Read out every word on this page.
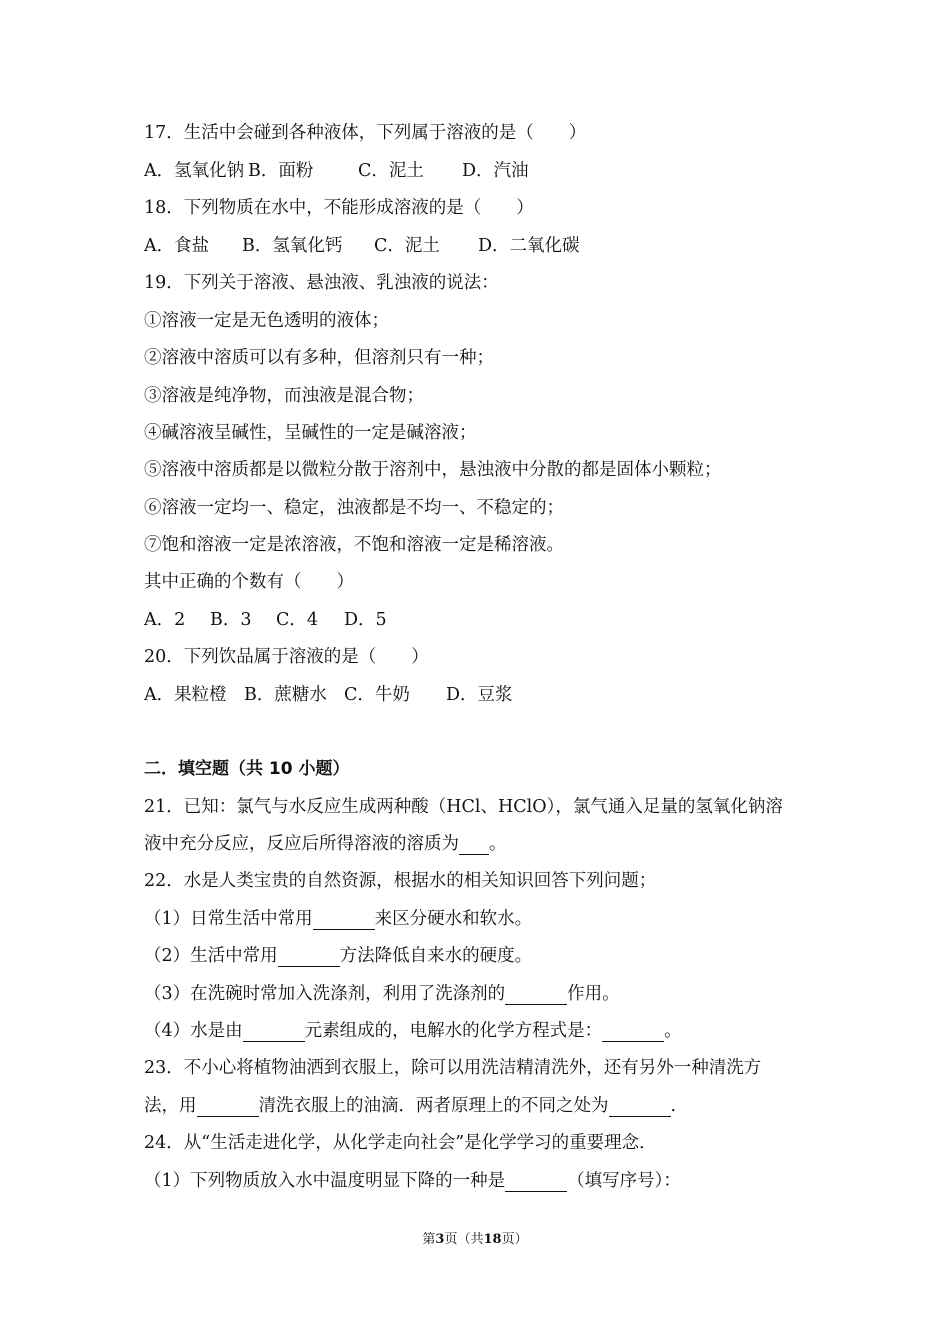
17．生活中会碰到各种液体，下列属于溶液的是（　　）
A．氢氧化钠 B．面粉	C．泥土 D．汽油
18．下列物质在水中，不能形成溶液的是（　　）
A．食盐 B．氢氧化钙 C．泥土 D．二氧化碳
19．下列关于溶液、悬浊液、乳浊液的说法：
①溶液一定是无色透明的液体；
②溶液中溶质可以有多种，但溶剂只有一种；
③溶液是纯净物，而浊液是混合物；
④碱溶液呈碱性，呈碱性的一定是碱溶液；
⑤溶液中溶质都是以微粒分散于溶剂中，悬浊液中分散的都是固体小颗粒；
⑥溶液一定均一、稳定，浊液都是不均一、不稳定的；
⑦饱和溶液一定是浓溶液，不饱和溶液一定是稀溶液。
其中正确的个数有（　　）
A．2 B．3 C．4 D．5
20．下列饮品属于溶液的是（　　）
A．果粒橙 B．蔗糖水 C．牛奶 D．豆浆
二．填空题（共 10 小题）
21．已知：氯气与水反应生成两种酸（HCl、HClO），氯气通入足量的氢氧化钠溶
液中充分反应，反应后所得溶液的溶质为 。
22．水是人类宝贵的自然资源，根据水的相关知识回答下列问题；
（1）日常生活中常用	来区分硬水和软水。
（2）生活中常用	方法降低自来水的硬度。
（3）在洗碗时常加入洗涤剂，利用了洗涤剂的	作用。
（4）水是由	元素组成的，电解水的化学方程式是：	。
23．不小心将植物油洒到衣服上，除可以用洗洁精清洗外，还有另外一种清洗方
法，用	清洗衣服上的油滴．两者原理上的不同之处为	.
24．从“生活走进化学，从化学走向社会”是化学学习的重要理念．
（1）下列物质放入水中温度明显下降的一种是	（填写序号）：
第3页（共18页）
